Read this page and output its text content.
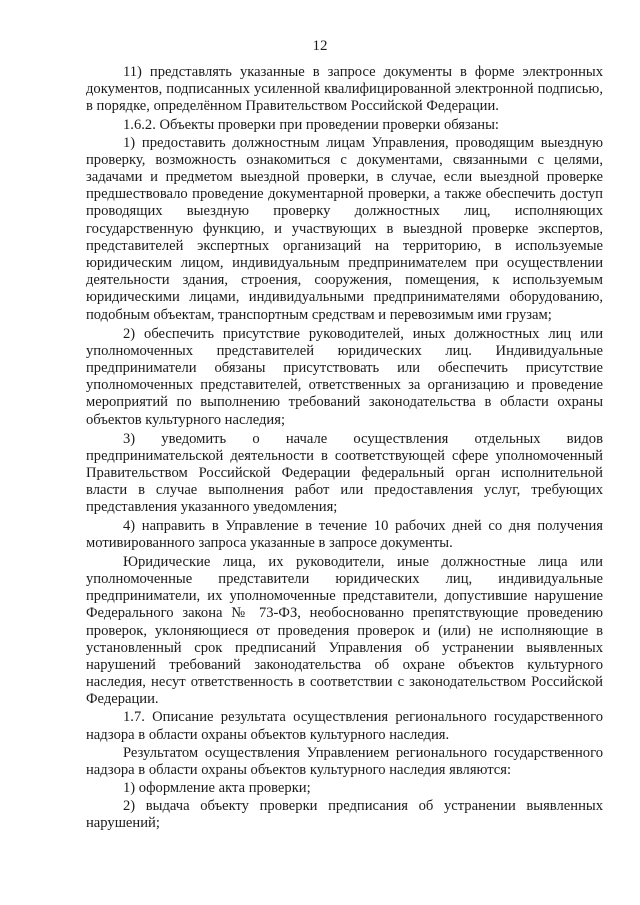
12

11) представлять указанные в запросе документы в форме электронных документов, подписанных усиленной квалифицированной электронной подписью, в порядке, определённом Правительством Российской Федерации.

1.6.2. Объекты проверки при проведении проверки обязаны:

1) предоставить должностным лицам Управления, проводящим выездную проверку, возможность ознакомиться с документами, связанными с целями, задачами и предметом выездной проверки, в случае, если выездной проверке предшествовало проведение документарной проверки, а также обеспечить доступ проводящих выездную проверку должностных лиц, исполняющих государственную функцию, и участвующих в выездной проверке экспертов, представителей экспертных организаций на территорию, в используемые юридическим лицом, индивидуальным предпринимателем при осуществлении деятельности здания, строения, сооружения, помещения, к используемым юридическими лицами, индивидуальными предпринимателями оборудованию, подобным объектам, транспортным средствам и перевозимым ими грузам;

2) обеспечить присутствие руководителей, иных должностных лиц или уполномоченных представителей юридических лиц. Индивидуальные предприниматели обязаны присутствовать или обеспечить присутствие уполномоченных представителей, ответственных за организацию и проведение мероприятий по выполнению требований законодательства в области охраны объектов культурного наследия;

3) уведомить о начале осуществления отдельных видов предпринимательской деятельности в соответствующей сфере уполномоченный Правительством Российской Федерации федеральный орган исполнительной власти в случае выполнения работ или предоставления услуг, требующих представления указанного уведомления;

4) направить в Управление в течение 10 рабочих дней со дня получения мотивированного запроса указанные в запросе документы.

Юридические лица, их руководители, иные должностные лица или уполномоченные представители юридических лиц, индивидуальные предприниматели, их уполномоченные представители, допустившие нарушение Федерального закона № 73-ФЗ, необоснованно препятствующие проведению проверок, уклоняющиеся от проведения проверок и (или) не исполняющие в установленный срок предписаний Управления об устранении выявленных нарушений требований законодательства об охране объектов культурного наследия, несут ответственность в соответствии с законодательством Российской Федерации.

1.7. Описание результата осуществления регионального государственного надзора в области охраны объектов культурного наследия.

Результатом осуществления Управлением регионального государственного надзора в области охраны объектов культурного наследия являются:

1) оформление акта проверки;

2) выдача объекту проверки предписания об устранении выявленных нарушений;
